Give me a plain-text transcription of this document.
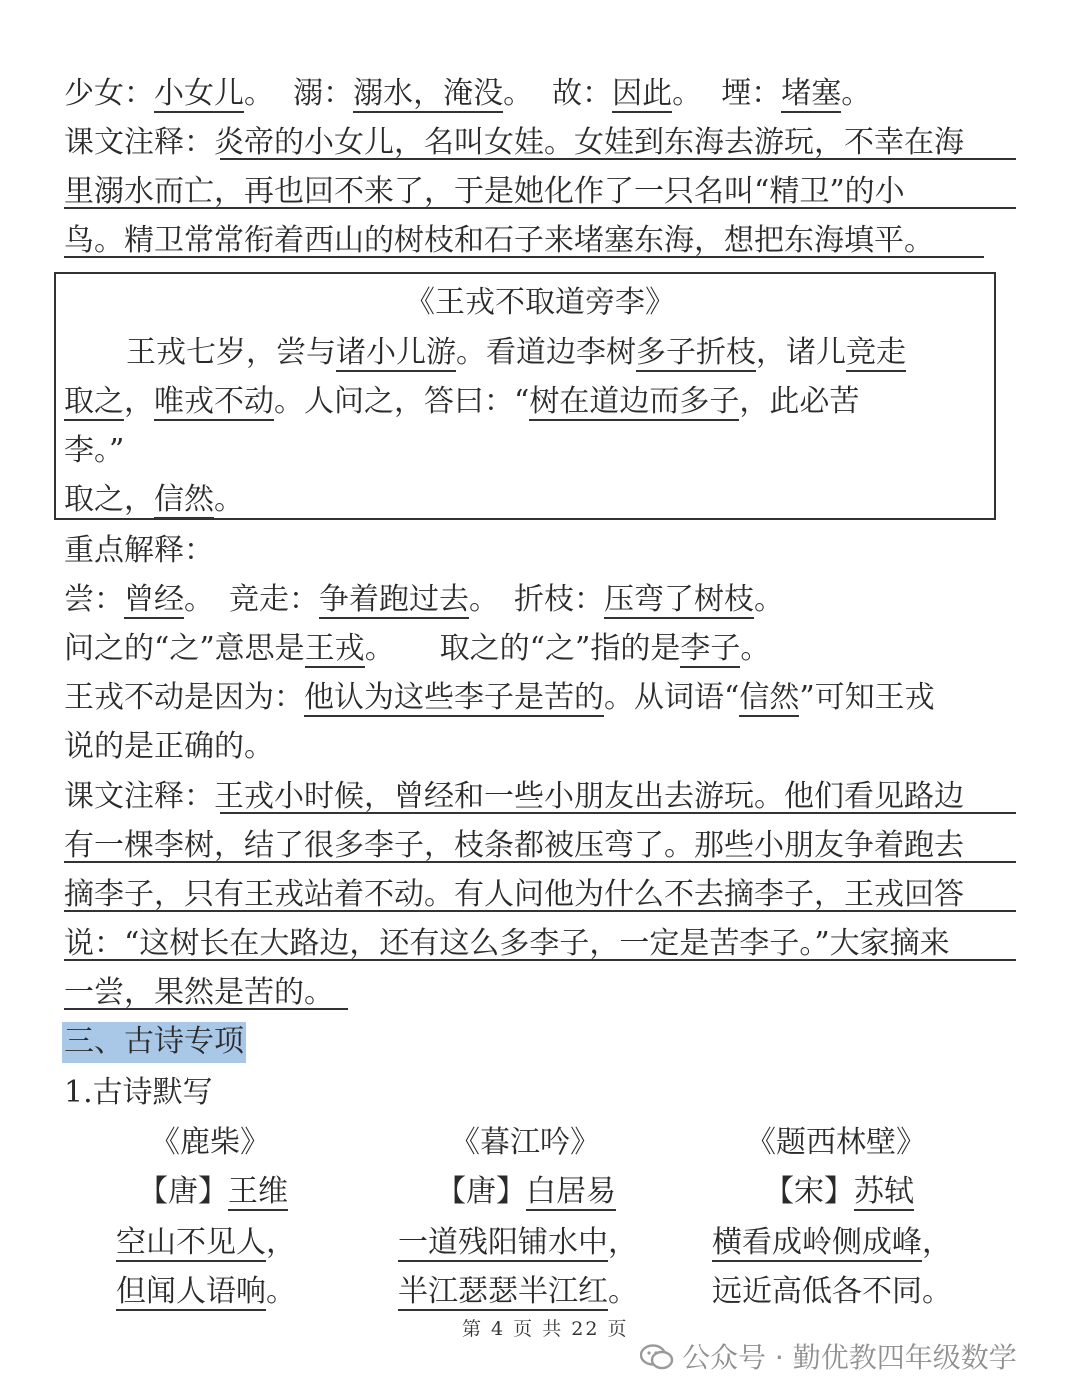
少女：小女儿。  溺：溺水，淹没。  故：因此。  堙：堵塞。
课文注释：炎帝的小女儿，名叫女娃。女娃到东海去游玩，不幸在海
里溺水而亡，再也回不来了，于是她化作了一只名叫“精卫”的小
鸟。精卫常常衔着西山的树枝和石子来堵塞东海，想把东海填平。
《王戎不取道旁李》
王戎七岁，尝与诸小儿游。看道边李树多子折枝，诸儿竞走
取之，唯戎不动。人问之，答曰：“树在道边而多子，此必苦
李。”
取之，信然。
重点解释：
尝：曾经。　竞走：争着跑过去。　折枝：压弯了树枝。
问之的“之”意思是王戎。　　取之的“之”指的是李子。
王戎不动是因为：他认为这些李子是苦的。从词语“信然”可知王戎
说的是正确的。
课文注释：王戎小时候，曾经和一些小朋友出去游玩。他们看见路边
有一棵李树，结了很多李子，枝条都被压弯了。那些小朋友争着跑去
摘李子，只有王戎站着不动。有人问他为什么不去摘李子，王戎回答
说：“这树长在大路边，还有这么多李子，一定是苦李子。”大家摘来
一尝，果然是苦的。
三、古诗专项
1.古诗默写
《鹿柴》
【唐】王维
空山不见人，
但闻人语响。
《暮江吟》
【唐】白居易
一道残阳铺水中，
半江瑟瑟半江红。
《题西林壁》
【宋】苏轼
横看成岭侧成峰，
远近高低各不同。
第 4 页 共 22 页
公众号 · 勤优教四年级数学
